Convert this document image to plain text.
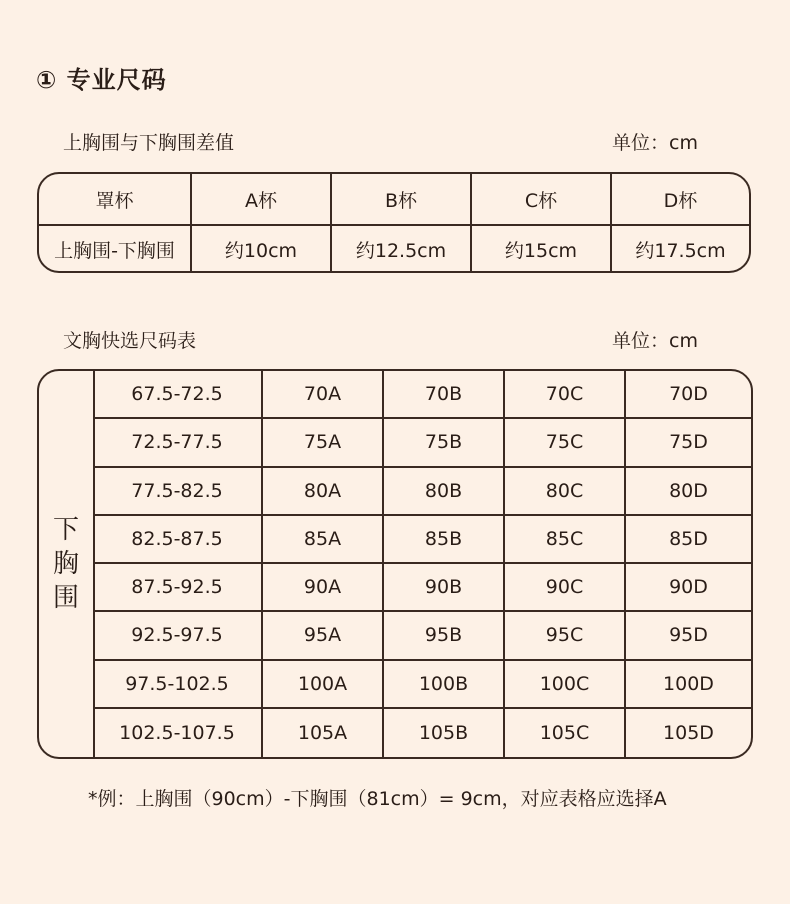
① 专业尺码
上胸围与下胸围差值	单位：cm
罩杯	A杯	B杯	C杯	D杯
上胸围-下胸围	约10cm	约12.5cm	约15cm	约17.5cm
文胸快选尺码表	单位：cm
下
胸
围
67.5-72.5	70A	70B	70C	70D
72.5-77.5	75A	75B	75C	75D
77.5-82.5	80A	80B	80C	80D
82.5-87.5	85A	85B	85C	85D
87.5-92.5	90A	90B	90C	90D
92.5-97.5	95A	95B	95C	95D
97.5-102.5	100A	100B	100C	100D
102.5-107.5	105A	105B	105C	105D
*例：上胸围（90cm）-下胸围（81cm）= 9cm，对应表格应选择A
